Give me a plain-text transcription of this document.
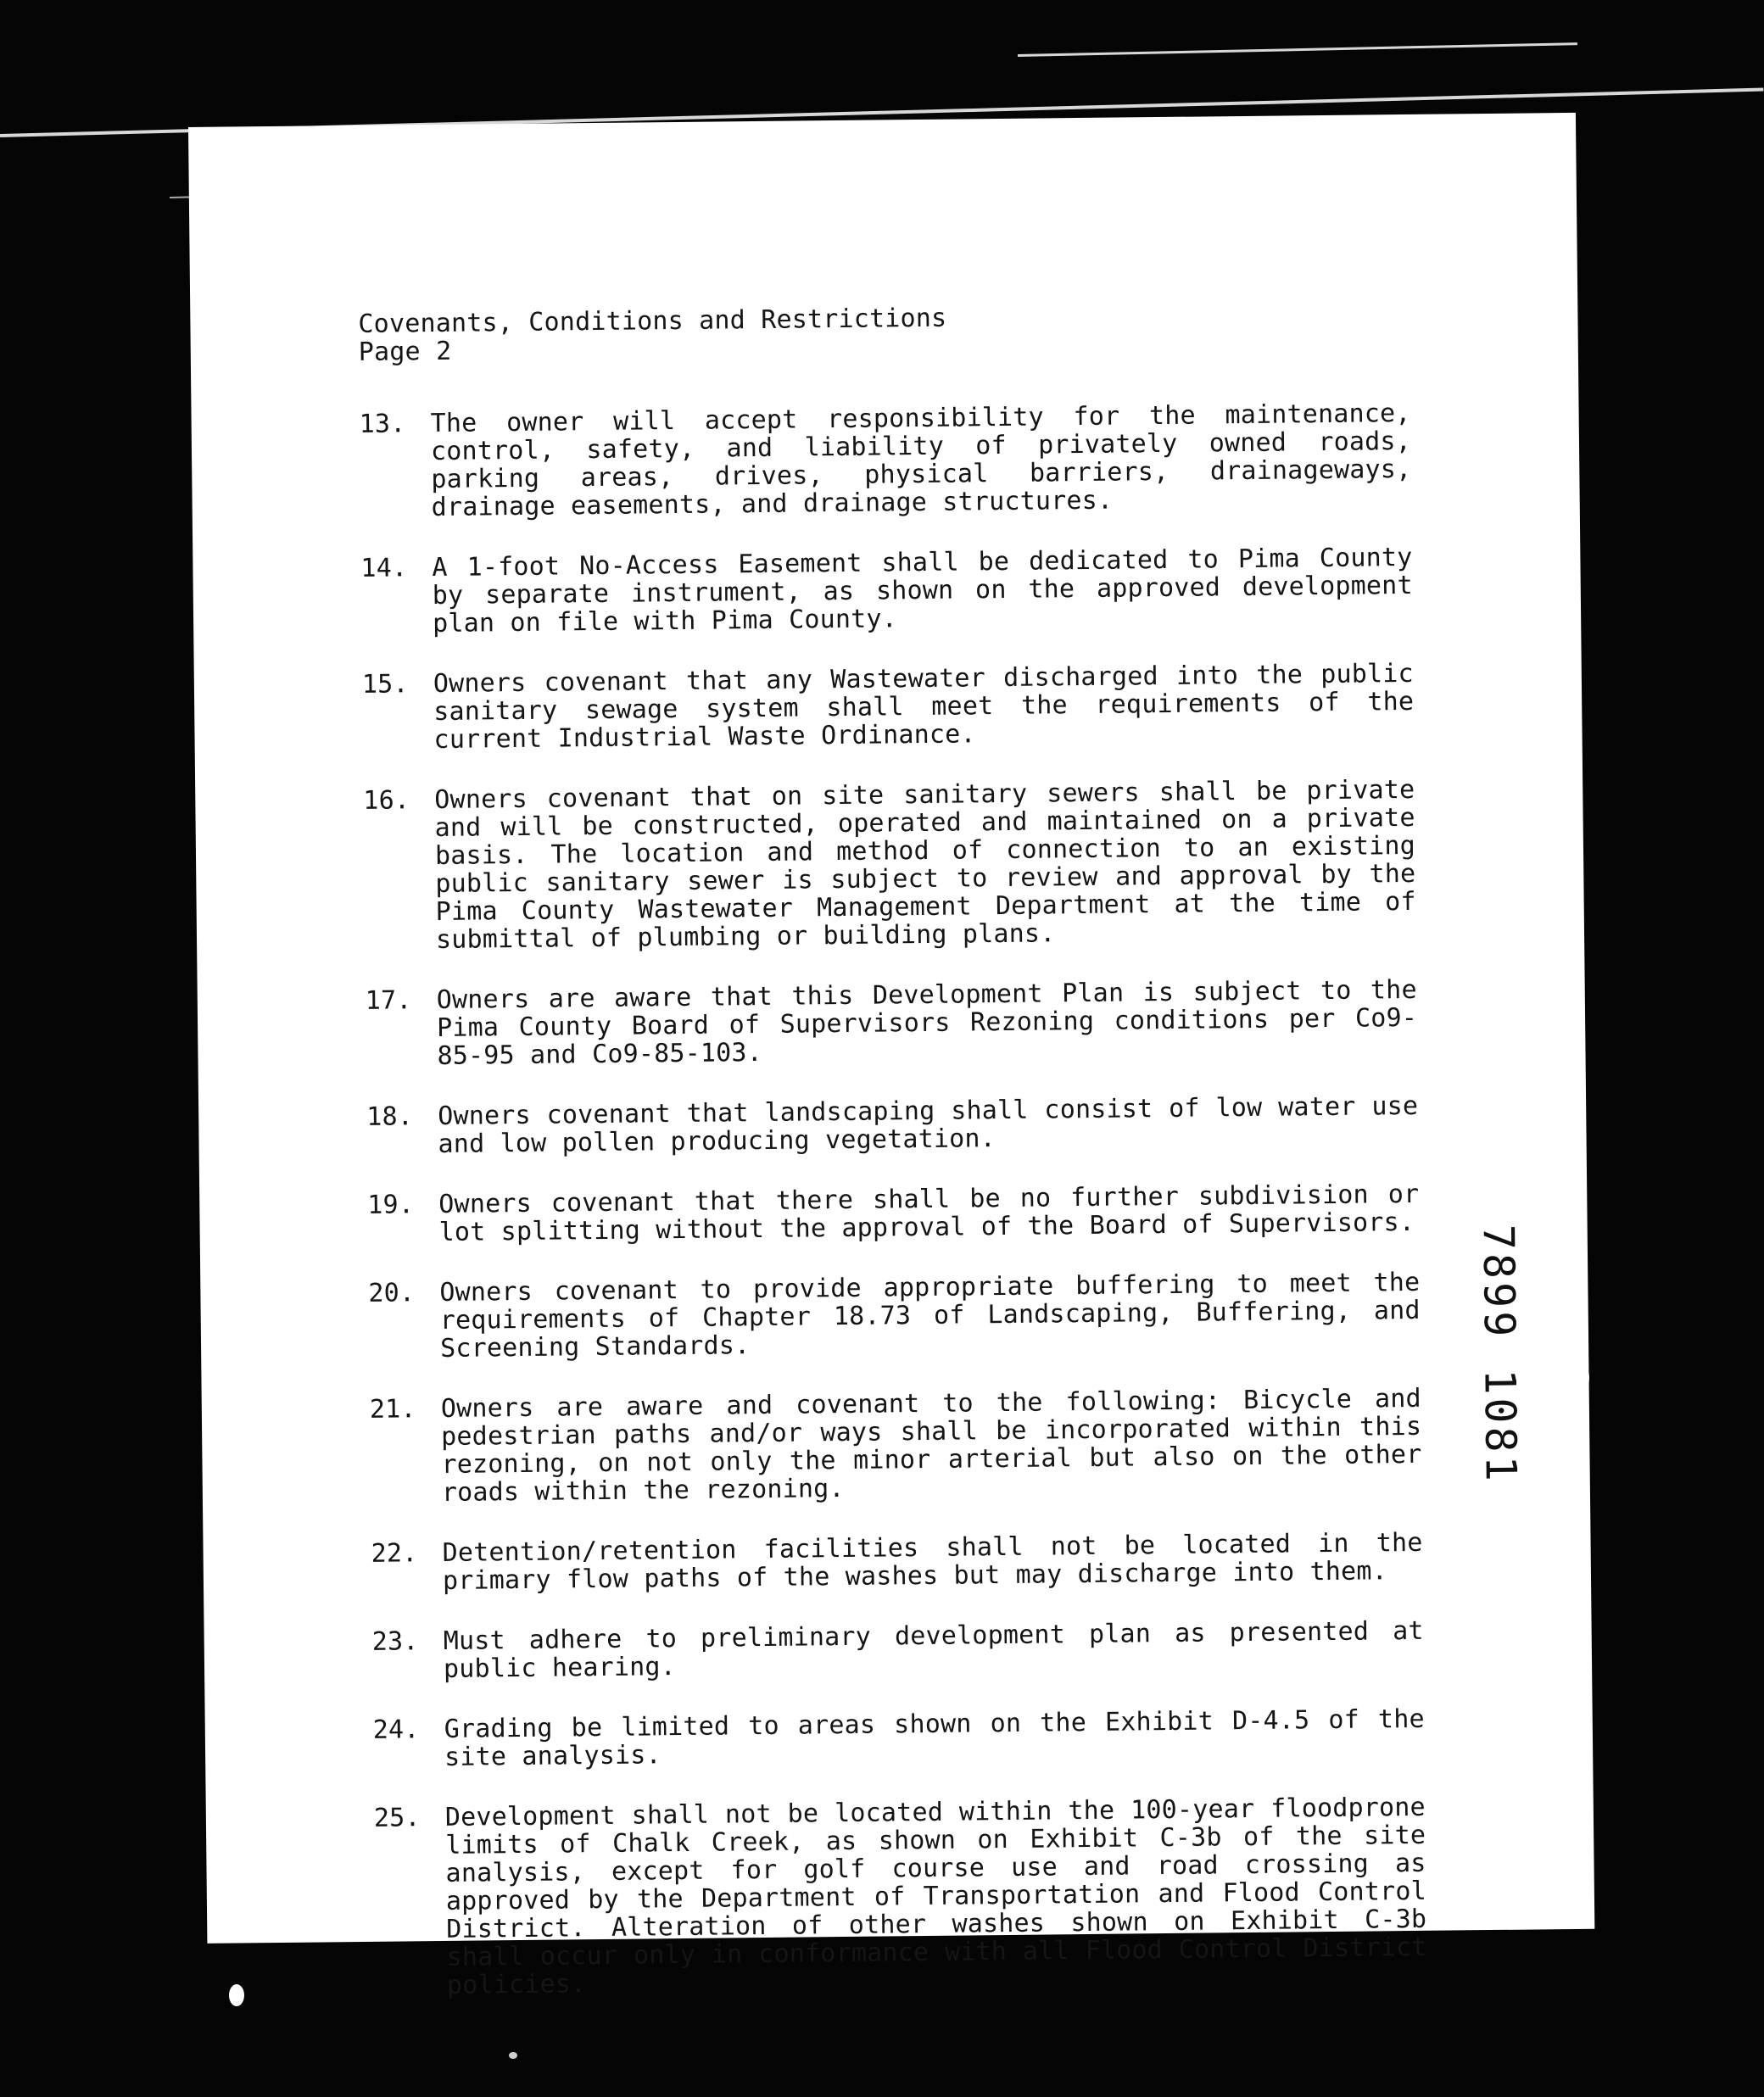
Covenants, Conditions and Restrictions
Page 2
13. The owner will accept responsibility for the maintenance, control, safety, and liability of privately owned roads, parking areas, drives, physical barriers, drainageways, drainage easements, and drainage structures.
14. A 1-foot No-Access Easement shall be dedicated to Pima County by separate instrument, as shown on the approved development plan on file with Pima County.
15. Owners covenant that any Wastewater discharged into the public sanitary sewage system shall meet the requirements of the current Industrial Waste Ordinance.
16. Owners covenant that on site sanitary sewers shall be private and will be constructed, operated and maintained on a private basis. The location and method of connection to an existing public sanitary sewer is subject to review and approval by the Pima County Wastewater Management Department at the time of submittal of plumbing or building plans.
17. Owners are aware that this Development Plan is subject to the Pima County Board of Supervisors Rezoning conditions per Co9-85-95 and Co9-85-103.
18. Owners covenant that landscaping shall consist of low water use and low pollen producing vegetation.
19. Owners covenant that there shall be no further subdivision or lot splitting without the approval of the Board of Supervisors.
20. Owners covenant to provide appropriate buffering to meet the requirements of Chapter 18.73 of Landscaping, Buffering, and Screening Standards.
21. Owners are aware and covenant to the following: Bicycle and pedestrian paths and/or ways shall be incorporated within this rezoning, on not only the minor arterial but also on the other roads within the rezoning.
22. Detention/retention facilities shall not be located in the primary flow paths of the washes but may discharge into them.
23. Must adhere to preliminary development plan as presented at public hearing.
24. Grading be limited to areas shown on the Exhibit D-4.5 of the site analysis.
25. Development shall not be located within the 100-year floodprone limits of Chalk Creek, as shown on Exhibit C-3b of the site analysis, except for golf course use and road crossing as approved by the Department of Transportation and Flood Control District. Alteration of other washes shown on Exhibit C-3b shall occur only in conformance with all Flood Control District policies.
7899 1081
